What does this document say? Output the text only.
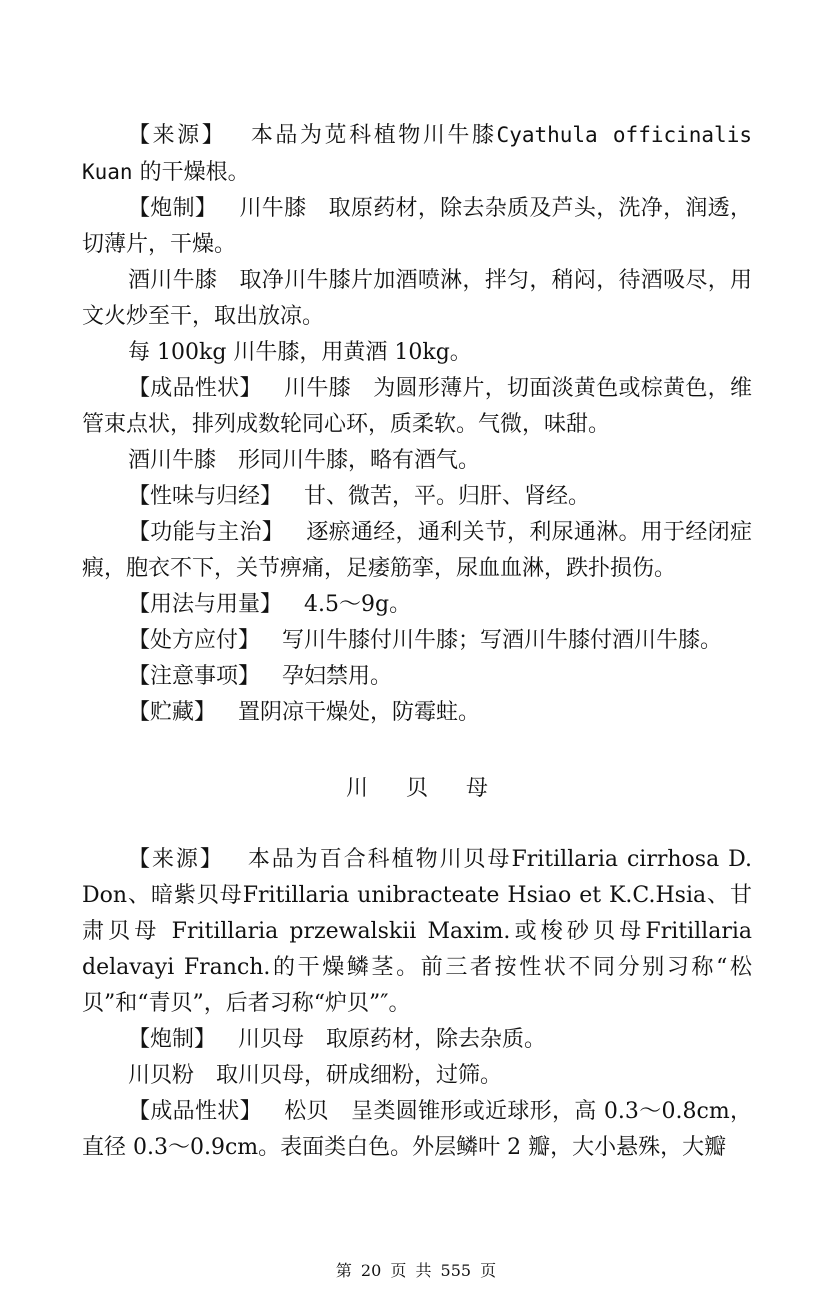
【来源】 本品为苋科植物川牛膝Cyathula officinalis Kuan 的干燥根。

【炮制】 川牛膝　取原药材，除去杂质及芦头，洗净，润透，切薄片，干燥。

酒川牛膝　取净川牛膝片加酒喷淋，拌匀，稍闷，待酒吸尽，用文火炒至干，取出放凉。

每 100kg 川牛膝，用黄酒 10kg。

【成品性状】 川牛膝　为圆形薄片，切面淡黄色或棕黄色，维管束点状，排列成数轮同心环，质柔软。气微，味甜。

酒川牛膝　形同川牛膝，略有酒气。

【性味与归经】 甘、微苦，平。归肝、肾经。

【功能与主治】 逐瘀通经，通利关节，利尿通淋。用于经闭症瘕，胞衣不下，关节痹痛，足痿筋挛，尿血血淋，跌扑损伤。

【用法与用量】 4.5～9g。

【处方应付】 写川牛膝付川牛膝；写酒川牛膝付酒川牛膝。

【注意事项】 孕妇禁用。

【贮藏】 置阴凉干燥处，防霉蛀。

川贝母

【来源】 本品为百合科植物川贝母Fritillaria cirrhosa D. Don、暗紫贝母Fritillaria unibracteate Hsiao et K.C.Hsia、甘肃贝母 Fritillaria przewalskii Maxim.或梭砂贝母Fritillaria delavayi Franch.的干燥鳞茎。前三者按性状不同分别习称“松贝”和“青贝”，后者习称“炉贝”″。

【炮制】 川贝母　取原药材，除去杂质。

川贝粉　取川贝母，研成细粉，过筛。

【成品性状】 松贝　呈类圆锥形或近球形，高 0.3～0.8cm，直径 0.3～0.9cm。表面类白色。外层鳞叶 2 瓣，大小悬殊，大瓣

第 20 页 共 555 页
